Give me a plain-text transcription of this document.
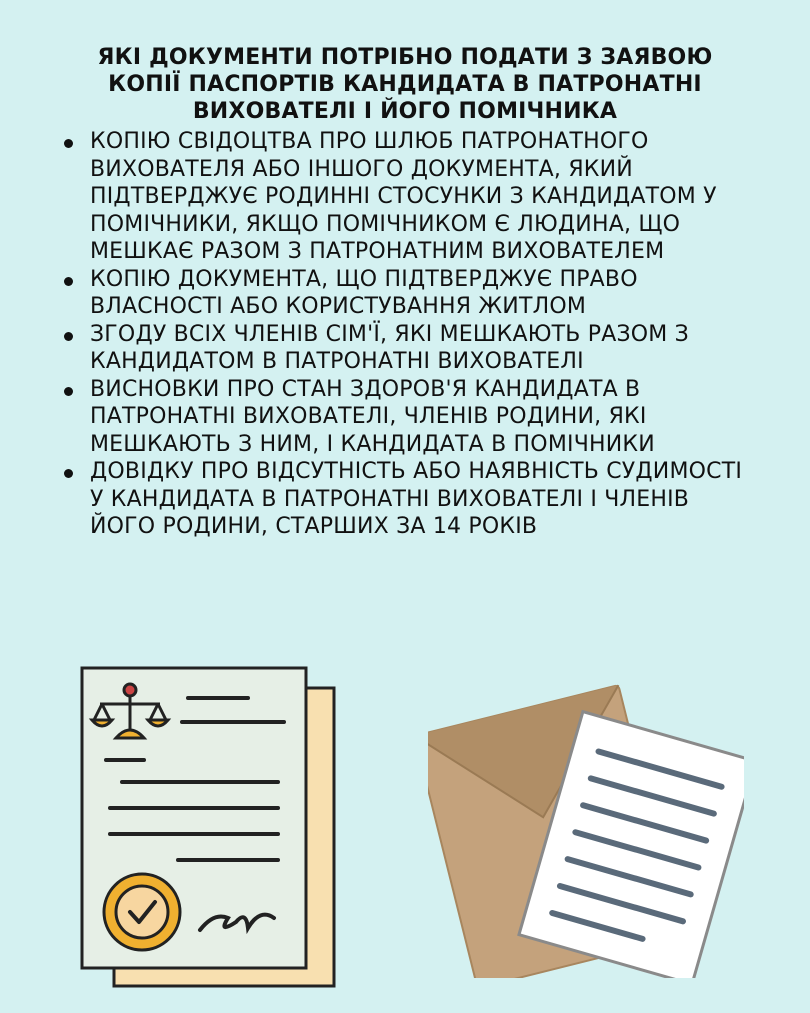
ЯКІ ДОКУМЕНТИ ПОТРІБНО ПОДАТИ З ЗАЯВОЮ КОПІЇ ПАСПОРТІВ КАНДИДАТА В ПАТРОНАТНІ ВИХОВАТЕЛІ І ЙОГО ПОМІЧНИКА
КОПІЮ СВІДОЦТВА ПРО ШЛЮБ ПАТРОНАТНОГО ВИХОВАТЕЛЯ АБО ІНШОГО ДОКУМЕНТА, ЯКИЙ ПІДТВЕРДЖУЄ РОДИННІ СТОСУНКИ З КАНДИДАТОМ У ПОМІЧНИКИ, ЯКЩО ПОМІЧНИКОМ Є ЛЮДИНА, ЩО МЕШКАЄ РАЗОМ З ПАТРОНАТНИМ ВИХОВАТЕЛЕМ
КОПІЮ ДОКУМЕНТА, ЩО ПІДТВЕРДЖУЄ ПРАВО ВЛАСНОСТІ АБО КОРИСТУВАННЯ ЖИТЛОМ
ЗГОДУ ВСІХ ЧЛЕНІВ СІМ'Ї, ЯКІ МЕШКАЮТЬ РАЗОМ З КАНДИДАТОМ В ПАТРОНАТНІ ВИХОВАТЕЛІ
ВИСНОВКИ ПРО СТАН ЗДОРОВ'Я КАНДИДАТА В ПАТРОНАТНІ ВИХОВАТЕЛІ, ЧЛЕНІВ РОДИНИ, ЯКІ МЕШКАЮТЬ З НИМ, І КАНДИДАТА В ПОМІЧНИКИ
ДОВІДКУ ПРО ВІДСУТНІСТЬ АБО НАЯВНІСТЬ СУДИМОСТІ У КАНДИДАТА В ПАТРОНАТНІ ВИХОВАТЕЛІ І ЧЛЕНІВ ЙОГО РОДИНИ, СТАРШИХ ЗА 14 РОКІВ
